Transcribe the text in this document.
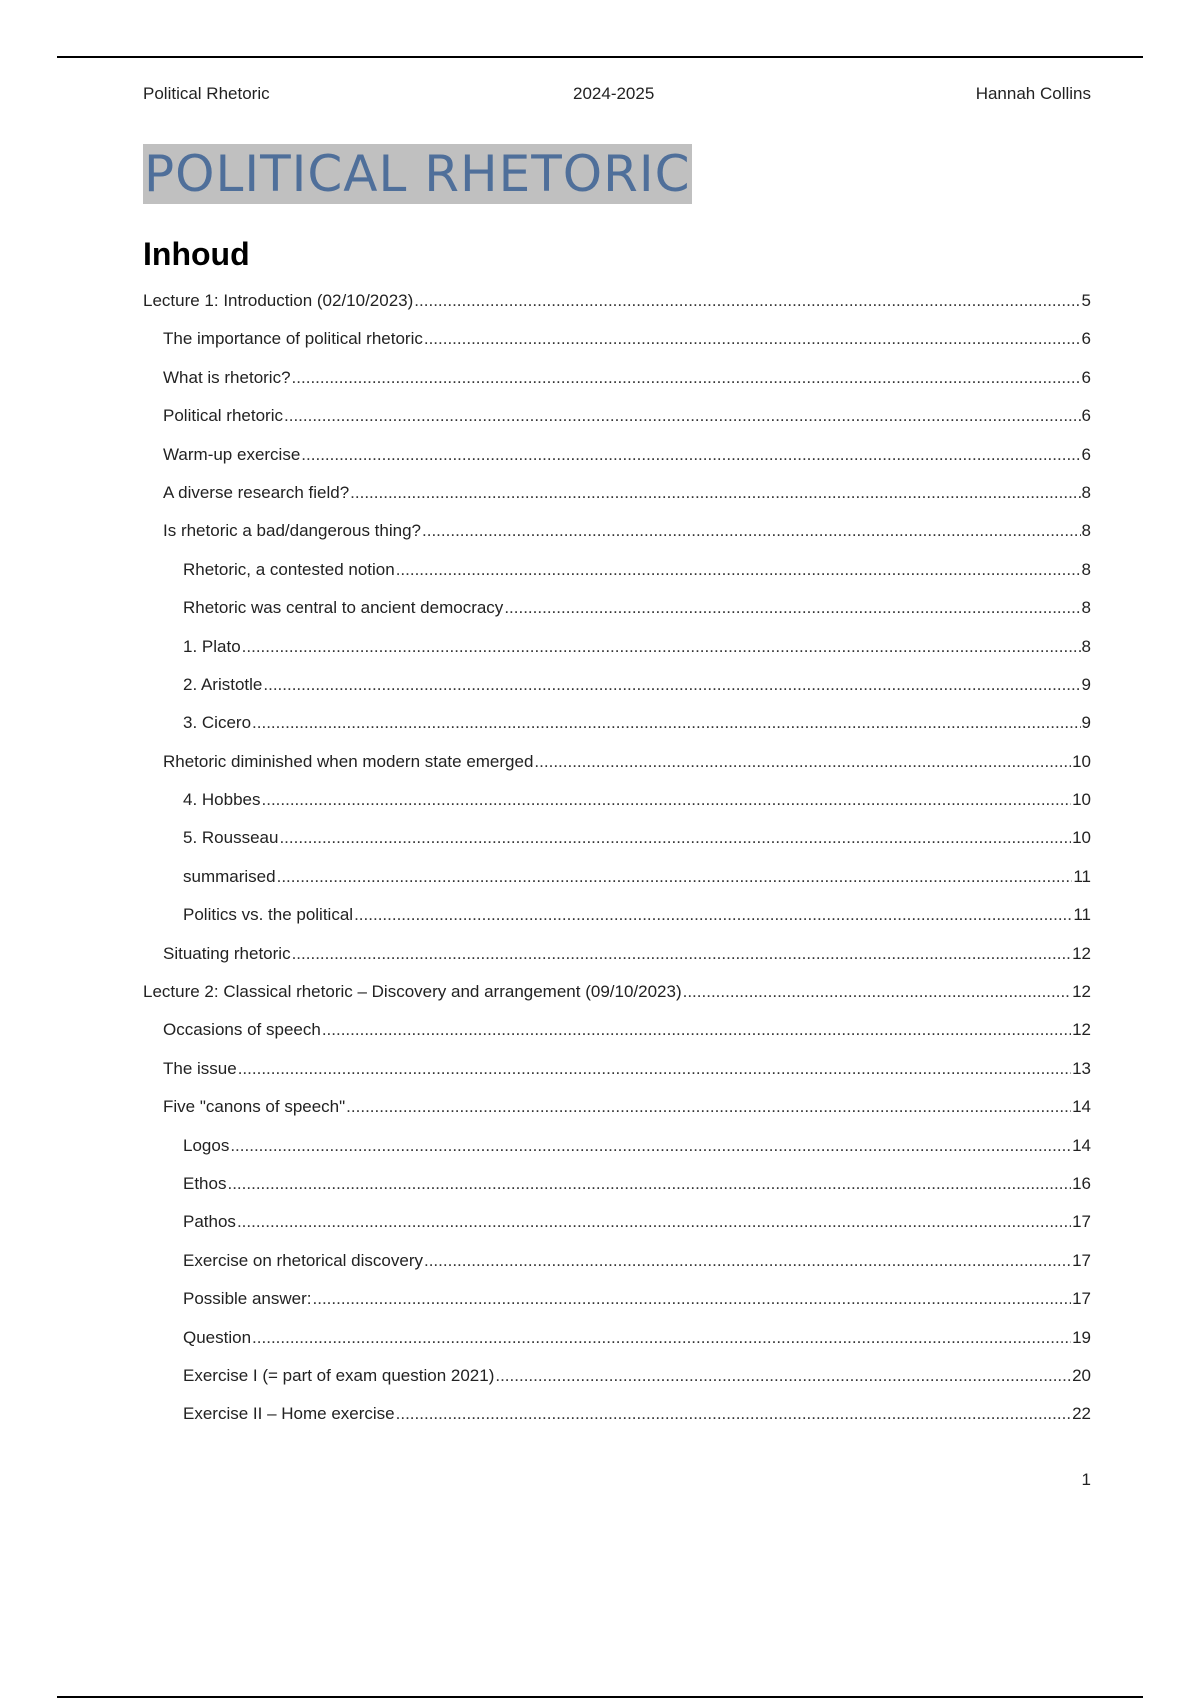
Political Rhetoric	2024-2025	Hannah Collins
POLITICAL RHETORIC
Inhoud
Lecture 1: Introduction (02/10/2023) .....	5
The importance of political rhetoric .....	6
What is rhetoric? .....	6
Political rhetoric .....	6
Warm-up exercise .....	6
A diverse research field? .....	8
Is rhetoric a bad/dangerous thing? .....	8
Rhetoric, a contested notion .....	8
Rhetoric was central to ancient democracy .....	8
1. Plato .....	8
2. Aristotle .....	9
3. Cicero .....	9
Rhetoric diminished when modern state emerged .....	10
4. Hobbes .....	10
5. Rousseau .....	10
summarised .....	11
Politics vs. the political .....	11
Situating rhetoric .....	12
Lecture 2: Classical rhetoric – Discovery and arrangement (09/10/2023) .....	12
Occasions of speech .....	12
The issue .....	13
Five "canons of speech" .....	14
Logos .....	14
Ethos .....	16
Pathos .....	17
Exercise on rhetorical discovery .....	17
Possible answer: .....	17
Question .....	19
Exercise I (= part of exam question 2021) .....	20
Exercise II – Home exercise .....	22
1
